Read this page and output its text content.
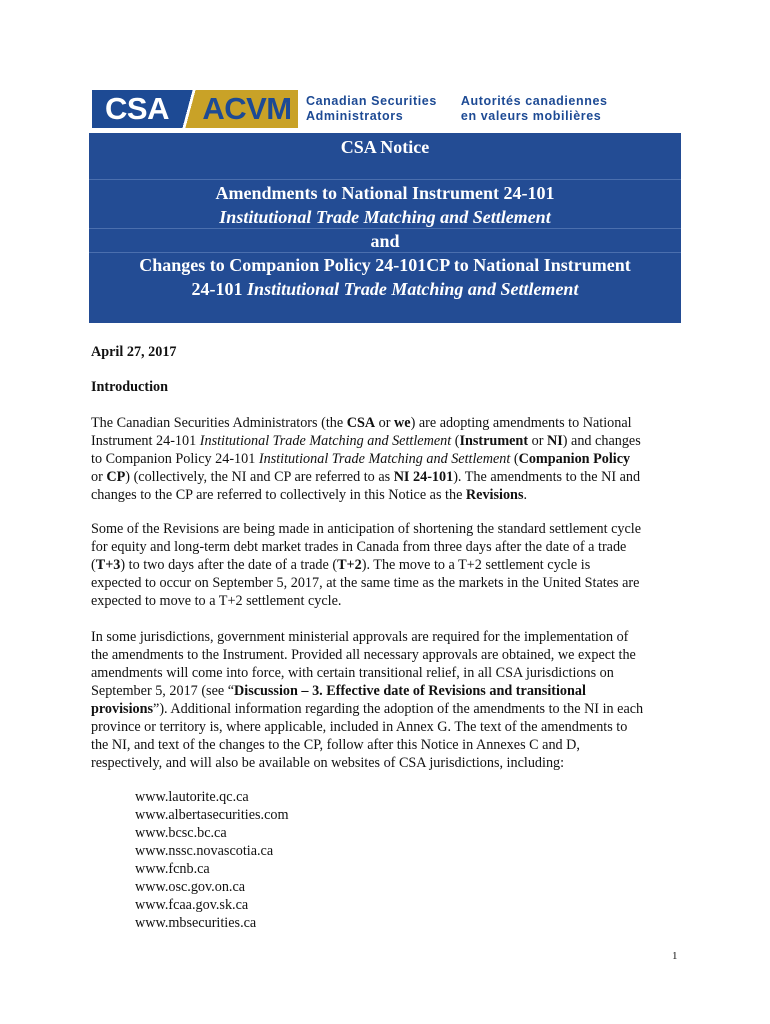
CSA	ACVM	Canadian Securities
Administrators
Autorités canadiennes
en valeurs mobilières
CSA Notice
Amendments to National Instrument 24-101
Institutional Trade Matching and Settlement
and
Changes to Companion Policy 24-101CP to National Instrument
24-101 Institutional Trade Matching and Settlement
April 27, 2017
Introduction
The Canadian Securities Administrators (the CSA or we) are adopting amendments to National
Instrument 24-101 Institutional Trade Matching and Settlement (Instrument or NI) and changes
to Companion Policy 24-101 Institutional Trade Matching and Settlement (Companion Policy
or CP) (collectively, the NI and CP are referred to as NI 24-101). The amendments to the NI and
changes to the CP are referred to collectively in this Notice as the Revisions.
Some of the Revisions are being made in anticipation of shortening the standard settlement cycle
for equity and long-term debt market trades in Canada from three days after the date of a trade
(T+3) to two days after the date of a trade (T+2). The move to a T+2 settlement cycle is
expected to occur on September 5, 2017, at the same time as the markets in the United States are
expected to move to a T+2 settlement cycle.
In some jurisdictions, government ministerial approvals are required for the implementation of
the amendments to the Instrument. Provided all necessary approvals are obtained, we expect the
amendments will come into force, with certain transitional relief, in all CSA jurisdictions on
September 5, 2017 (see “Discussion – 3. Effective date of Revisions and transitional
provisions”). Additional information regarding the adoption of the amendments to the NI in each
province or territory is, where applicable, included in Annex G. The text of the amendments to
the NI, and text of the changes to the CP, follow after this Notice in Annexes C and D,
respectively, and will also be available on websites of CSA jurisdictions, including:
www.lautorite.qc.ca
www.albertasecurities.com
www.bcsc.bc.ca
www.nssc.novascotia.ca
www.fcnb.ca
www.osc.gov.on.ca
www.fcaa.gov.sk.ca
www.mbsecurities.ca
1
